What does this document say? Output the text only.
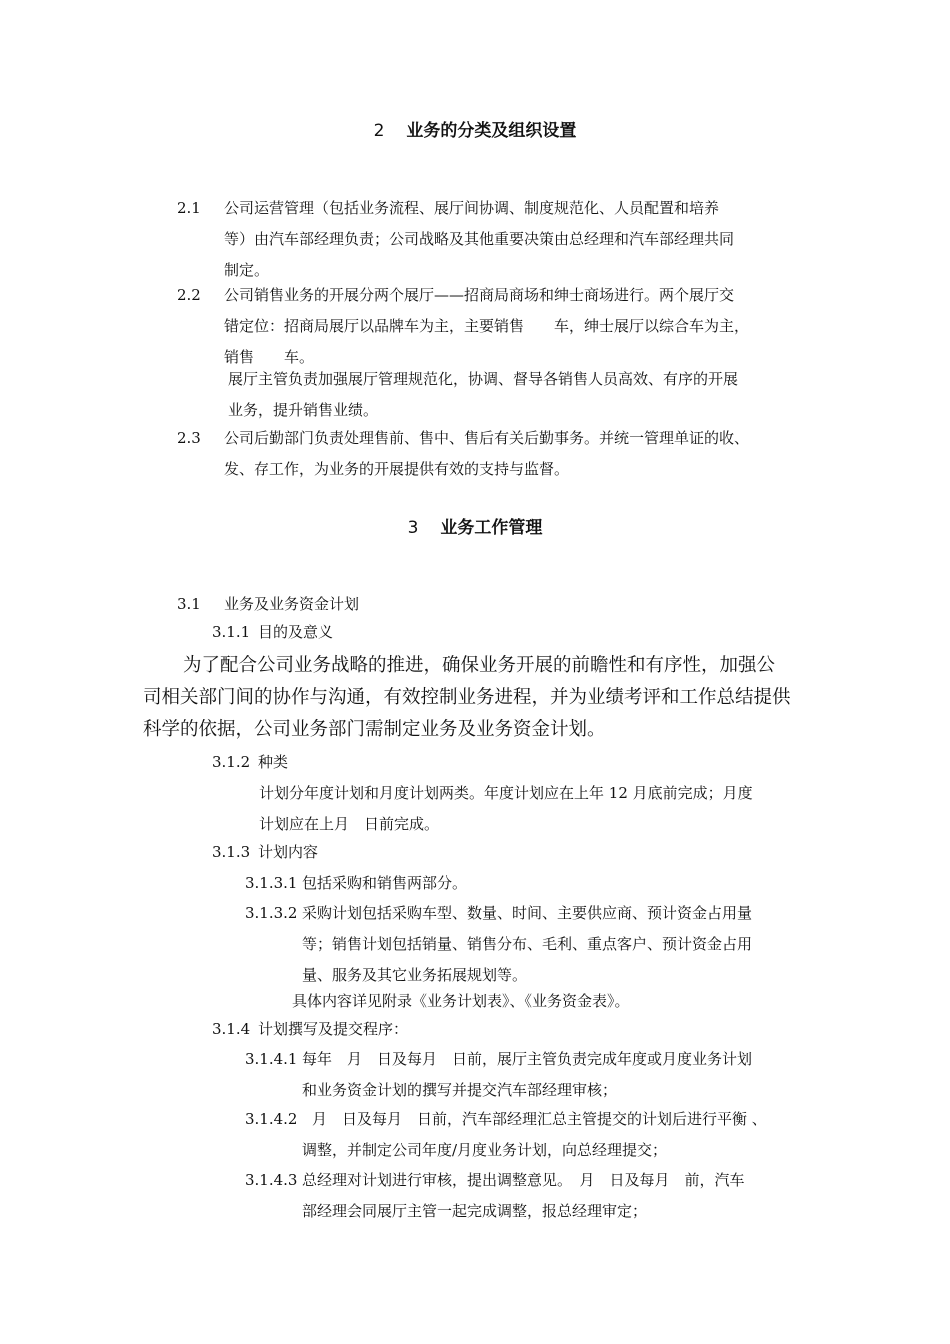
2 业务的分类及组织设置
2.1 公司运营管理（包括业务流程、展厅间协调、制度规范化、人员配置和培养
等）由汽车部经理负责；公司战略及其他重要决策由总经理和汽车部经理共同
制定。
2.2 公司销售业务的开展分两个展厅——招商局商场和绅士商场进行。两个展厅交
错定位：招商局展厅以品牌车为主，主要销售　　车，绅士展厅以综合车为主，
销售　　车。
展厅主管负责加强展厅管理规范化，协调、督导各销售人员高效、有序的开展
业务，提升销售业绩。
2.3 公司后勤部门负责处理售前、售中、售后有关后勤事务。并统一管理单证的收、
发、存工作，为业务的开展提供有效的支持与监督。
3 业务工作管理
3.1 业务及业务资金计划
3.1.1 目的及意义
为了配合公司业务战略的推进，确保业务开展的前瞻性和有序性，加强公
司相关部门间的协作与沟通，有效控制业务进程，并为业绩考评和工作总结提供
科学的依据，公司业务部门需制定业务及业务资金计划。
3.1.2 种类
计划分年度计划和月度计划两类。年度计划应在上年 12 月底前完成；月度
计划应在上月　日前完成。
3.1.3 计划内容
3.1.3.1 包括采购和销售两部分。
3.1.3.2 采购计划包括采购车型、数量、时间、主要供应商、预计资金占用量
等；销售计划包括销量、销售分布、毛利、重点客户、预计资金占用
量、服务及其它业务拓展规划等。
具体内容详见附录《业务计划表》、《业务资金表》。
3.1.4 计划撰写及提交程序：
3.1.4.1 每年　月　日及每月　日前，展厅主管负责完成年度或月度业务计划
和业务资金计划的撰写并提交汽车部经理审核；
3.1.4.2 月　日及每月　日前，汽车部经理汇总主管提交的计划后进行平衡 、
调整，并制定公司年度/月度业务计划，向总经理提交；
3.1.4.3 总经理对计划进行审核，提出调整意见。　月　日及每月　前，汽车
部经理会同展厅主管一起完成调整，报总经理审定；
